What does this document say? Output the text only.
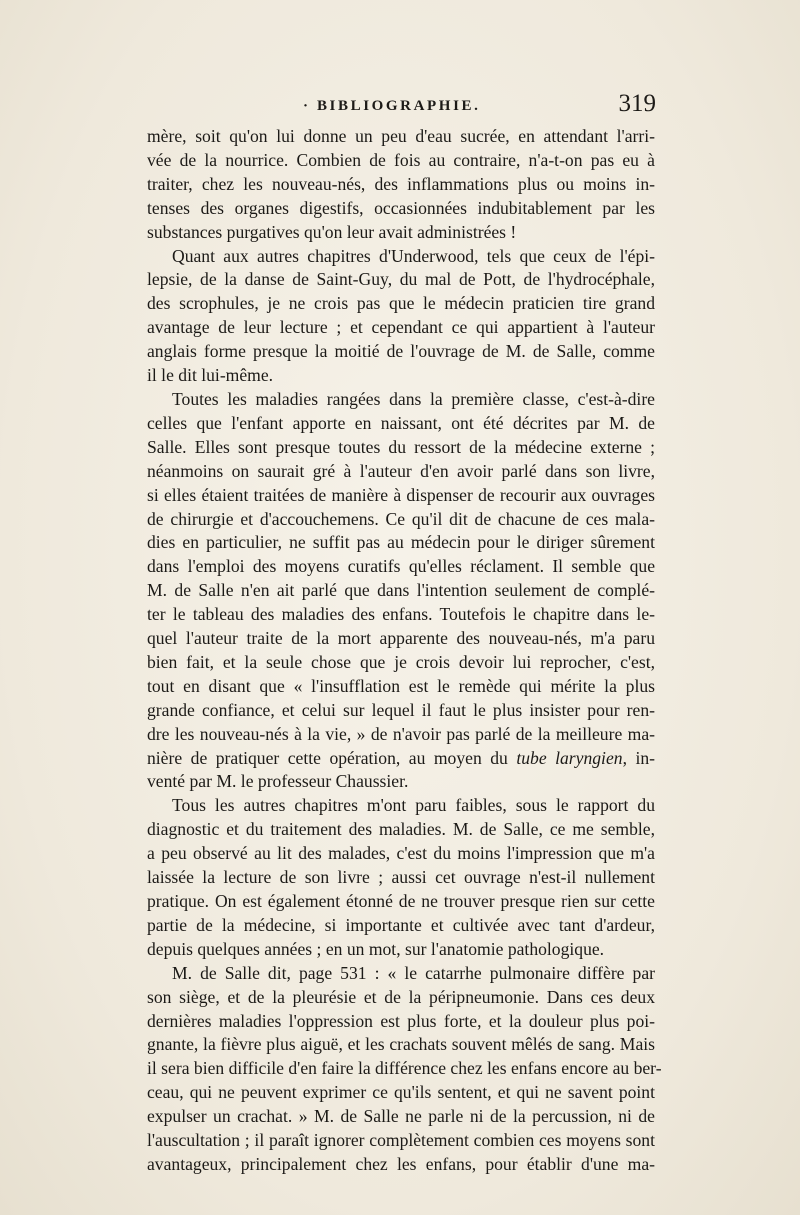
· BIBLIOGRAPHIE.	319
mère, soit qu'on lui donne un peu d'eau sucrée, en attendant l'arri-
vée de la nourrice. Combien de fois au contraire, n'a-t-on pas eu à
traiter, chez les nouveau-nés, des inflammations plus ou moins in-
tenses des organes digestifs, occasionnées indubitablement par les
substances purgatives qu'on leur avait administrées !
Quant aux autres chapitres d'Underwood, tels que ceux de l'épi-
lepsie, de la danse de Saint-Guy, du mal de Pott, de l'hydrocéphale,
des scrophules, je ne crois pas que le médecin praticien tire grand
avantage de leur lecture ; et cependant ce qui appartient à l'auteur
anglais forme presque la moitié de l'ouvrage de M. de Salle, comme
il le dit lui-même.
Toutes les maladies rangées dans la première classe, c'est-à-dire
celles que l'enfant apporte en naissant, ont été décrites par M. de
Salle. Elles sont presque toutes du ressort de la médecine externe ;
néanmoins on saurait gré à l'auteur d'en avoir parlé dans son livre,
si elles étaient traitées de manière à dispenser de recourir aux ouvrages
de chirurgie et d'accouchemens. Ce qu'il dit de chacune de ces mala-
dies en particulier, ne suffit pas au médecin pour le diriger sûrement
dans l'emploi des moyens curatifs qu'elles réclament. Il semble que
M. de Salle n'en ait parlé que dans l'intention seulement de complé-
ter le tableau des maladies des enfans. Toutefois le chapitre dans le-
quel l'auteur traite de la mort apparente des nouveau-nés, m'a paru
bien fait, et la seule chose que je crois devoir lui reprocher, c'est,
tout en disant que « l'insufflation est le remède qui mérite la plus
grande confiance, et celui sur lequel il faut le plus insister pour ren-
dre les nouveau-nés à la vie, » de n'avoir pas parlé de la meilleure ma-
nière de pratiquer cette opération, au moyen du tube laryngien, in-
venté par M. le professeur Chaussier.
Tous les autres chapitres m'ont paru faibles, sous le rapport du
diagnostic et du traitement des maladies. M. de Salle, ce me semble,
a peu observé au lit des malades, c'est du moins l'impression que m'a
laissée la lecture de son livre ; aussi cet ouvrage n'est-il nullement
pratique. On est également étonné de ne trouver presque rien sur cette
partie de la médecine, si importante et cultivée avec tant d'ardeur,
depuis quelques années ; en un mot, sur l'anatomie pathologique.
M. de Salle dit, page 531 : « le catarrhe pulmonaire diffère par
son siège, et de la pleurésie et de la péripneumonie. Dans ces deux
dernières maladies l'oppression est plus forte, et la douleur plus poi-
gnante, la fièvre plus aiguë, et les crachats souvent mêlés de sang. Mais
il sera bien difficile d'en faire la différence chez les enfans encore au ber-
ceau, qui ne peuvent exprimer ce qu'ils sentent, et qui ne savent point
expulser un crachat. » M. de Salle ne parle ni de la percussion, ni de
l'auscultation ; il paraît ignorer complètement combien ces moyens sont
avantageux, principalement chez les enfans, pour établir d'une ma-
